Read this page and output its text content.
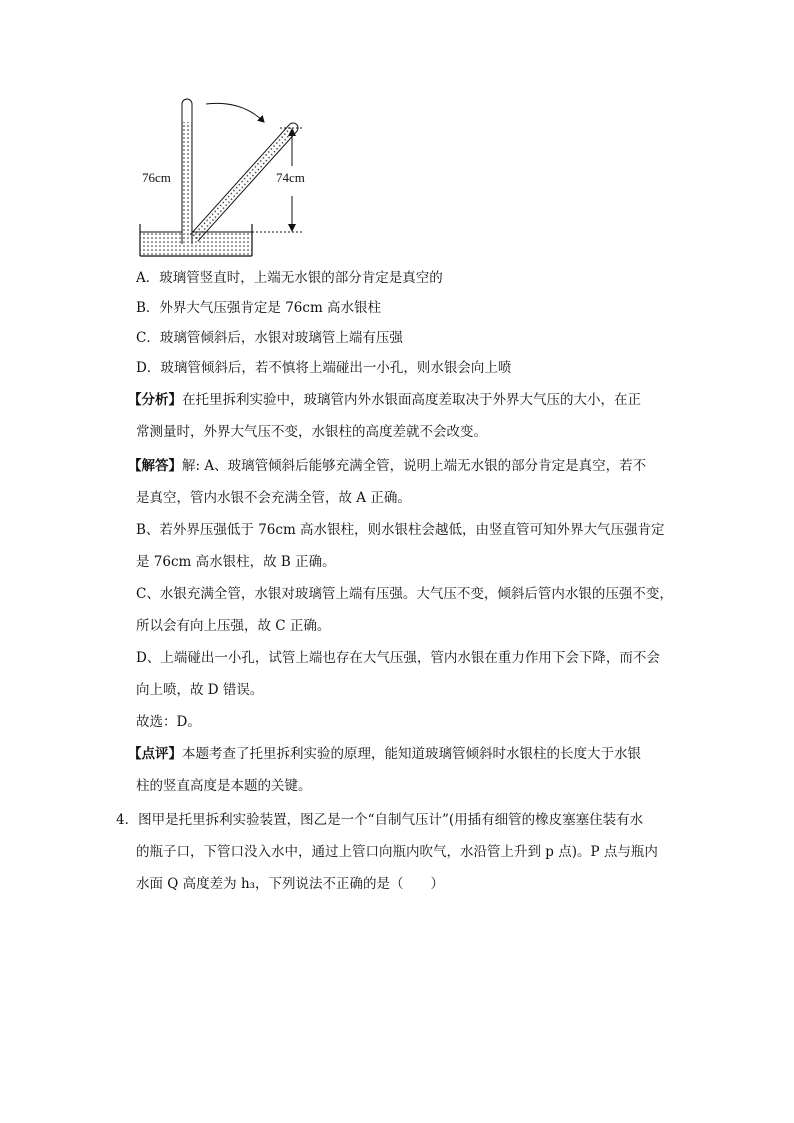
76cm	74cm
A．玻璃管竖直时，上端无水银的部分肯定是真空的
B．外界大气压强肯定是 76cm 高水银柱
C．玻璃管倾斜后，水银对玻璃管上端有压强
D．玻璃管倾斜后，若不慎将上端碰出一小孔，则水银会向上喷
【分析】在托里拆利实验中，玻璃管内外水银面高度差取决于外界大气压的大小，在正
常测量时，外界大气压不变，水银柱的高度差就不会改变。
【解答】解: A、玻璃管倾斜后能够充满全管，说明上端无水银的部分肯定是真空，若不
是真空，管内水银不会充满全管，故 A 正确。
B、若外界压强低于 76cm 高水银柱，则水银柱会越低，由竖直管可知外界大气压强肯定
是 76cm 高水银柱，故 B 正确。
C、水银充满全管，水银对玻璃管上端有压强。大气压不变，倾斜后管内水银的压强不变，
所以会有向上压强，故 C 正确。
D、上端碰出一小孔，试管上端也存在大气压强，管内水银在重力作用下会下降，而不会
向上喷，故 D 错误。
故选：D。
【点评】本题考查了托里拆利实验的原理，能知道玻璃管倾斜时水银柱的长度大于水银
柱的竖直高度是本题的关键。
4．图甲是托里拆利实验装置，图乙是一个“自制气压计”(用插有细管的橡皮塞塞住装有水
的瓶子口，下管口没入水中，通过上管口向瓶内吹气，水沿管上升到 p 点)。P 点与瓶内
水面 Q 高度差为 h₃，下列说法不正确的是（　　）
